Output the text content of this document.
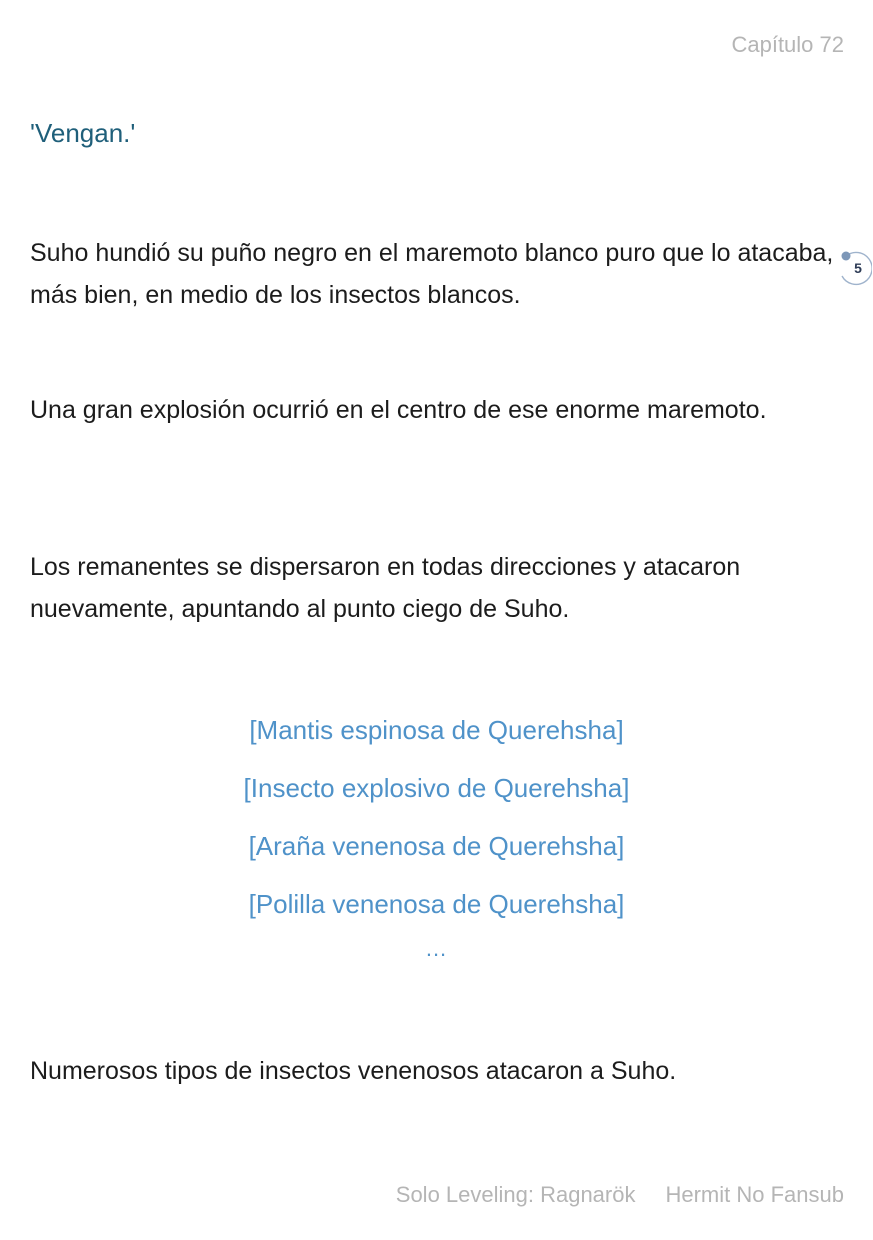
Capítulo 72
'Vengan.'
Suho hundió su puño negro en el maremoto blanco puro que lo atacaba, más bien, en medio de los insectos blancos.
5
Una gran explosión ocurrió en el centro de ese enorme maremoto.
Los remanentes se dispersaron en todas direcciones y atacaron nuevamente, apuntando al punto ciego de Suho.
[Mantis espinosa de Querehsha]
[Insecto explosivo de Querehsha]
[Araña venenosa de Querehsha]
[Polilla venenosa de Querehsha]
...
Numerosos tipos de insectos venenosos atacaron a Suho.
Solo Leveling: Ragnarök Hermit No Fansub
